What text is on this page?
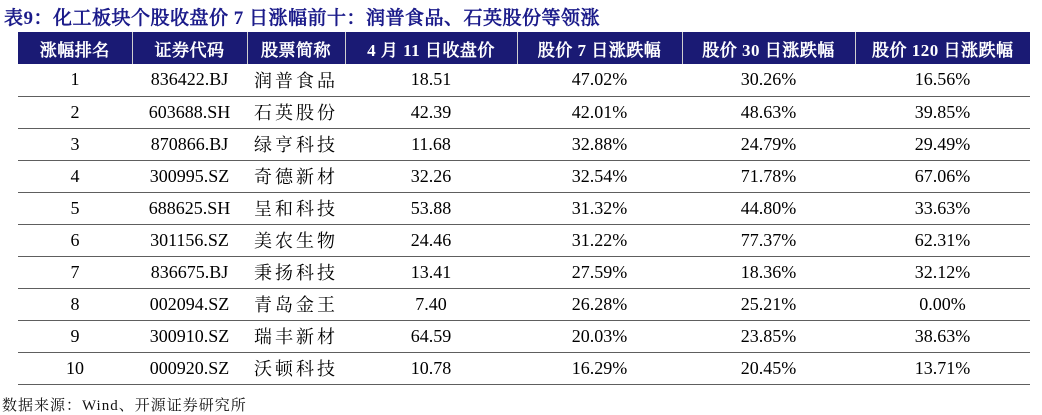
表9：化工板块个股收盘价 7 日涨幅前十：润普食品、石英股份等领涨
涨幅排名	证券代码	股票简称	4 月 11 日收盘价	股价 7 日涨跌幅	股价 30 日涨跌幅	股价 120 日涨跌幅
1	836422.BJ	润普食品	18.51	47.02%	30.26%	16.56%
2	603688.SH	石英股份	42.39	42.01%	48.63%	39.85%
3	870866.BJ	绿亨科技	11.68	32.88%	24.79%	29.49%
4	300995.SZ	奇德新材	32.26	32.54%	71.78%	67.06%
5	688625.SH	呈和科技	53.88	31.32%	44.80%	33.63%
6	301156.SZ	美农生物	24.46	31.22%	77.37%	62.31%
7	836675.BJ	秉扬科技	13.41	27.59%	18.36%	32.12%
8	002094.SZ	青岛金王	7.40	26.28%	25.21%	0.00%
9	300910.SZ	瑞丰新材	64.59	20.03%	23.85%	38.63%
10	000920.SZ	沃顿科技	10.78	16.29%	20.45%	13.71%
数据来源：Wind、开源证券研究所
